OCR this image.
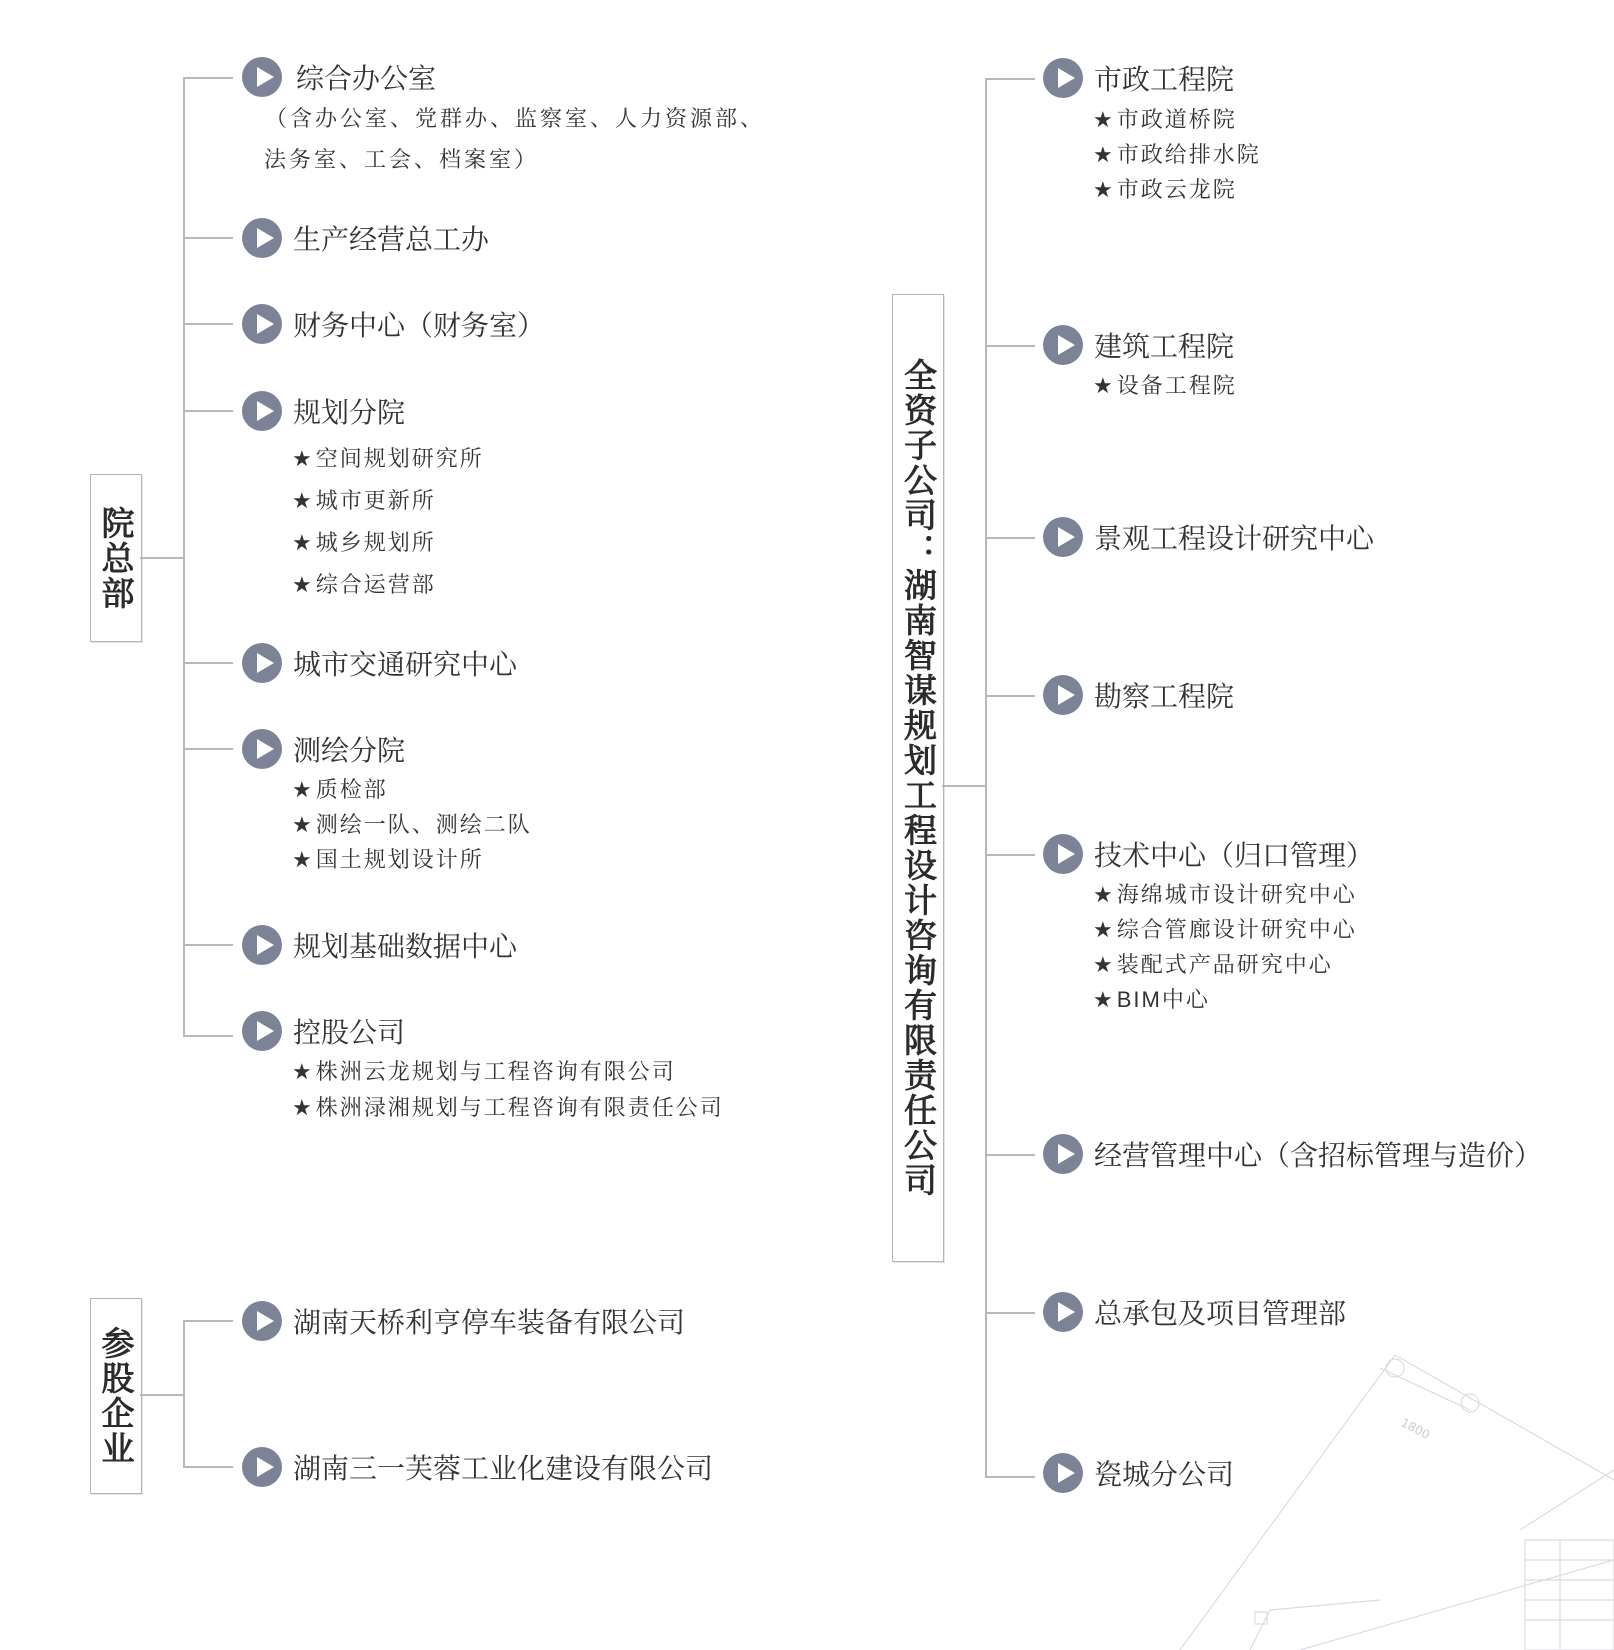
1800
院总部
综合办公室
（含办公室、党群办、监察室、人力资源部、
法务室、工会、档案室）
生产经营总工办
财务中心（财务室）
规划分院
★空间规划研究所
★城市更新所
★城乡规划所
★综合运营部
城市交通研究中心
测绘分院
★质检部
★测绘一队、测绘二队
★国土规划设计所
规划基础数据中心
控股公司
★株洲云龙规划与工程咨询有限公司
★株洲渌湘规划与工程咨询有限责任公司
参股企业
湖南天桥利亨停车装备有限公司
湖南三一芙蓉工业化建设有限公司
全资子公司：湖南智谋规划工程设计咨询有限责任公司
市政工程院
★市政道桥院
★市政给排水院
★市政云龙院
建筑工程院
★设备工程院
景观工程设计研究中心
勘察工程院
技术中心（归口管理）
★海绵城市设计研究中心
★综合管廊设计研究中心
★装配式产品研究中心
★BIM中心
经营管理中心（含招标管理与造价）
总承包及项目管理部
瓷城分公司
